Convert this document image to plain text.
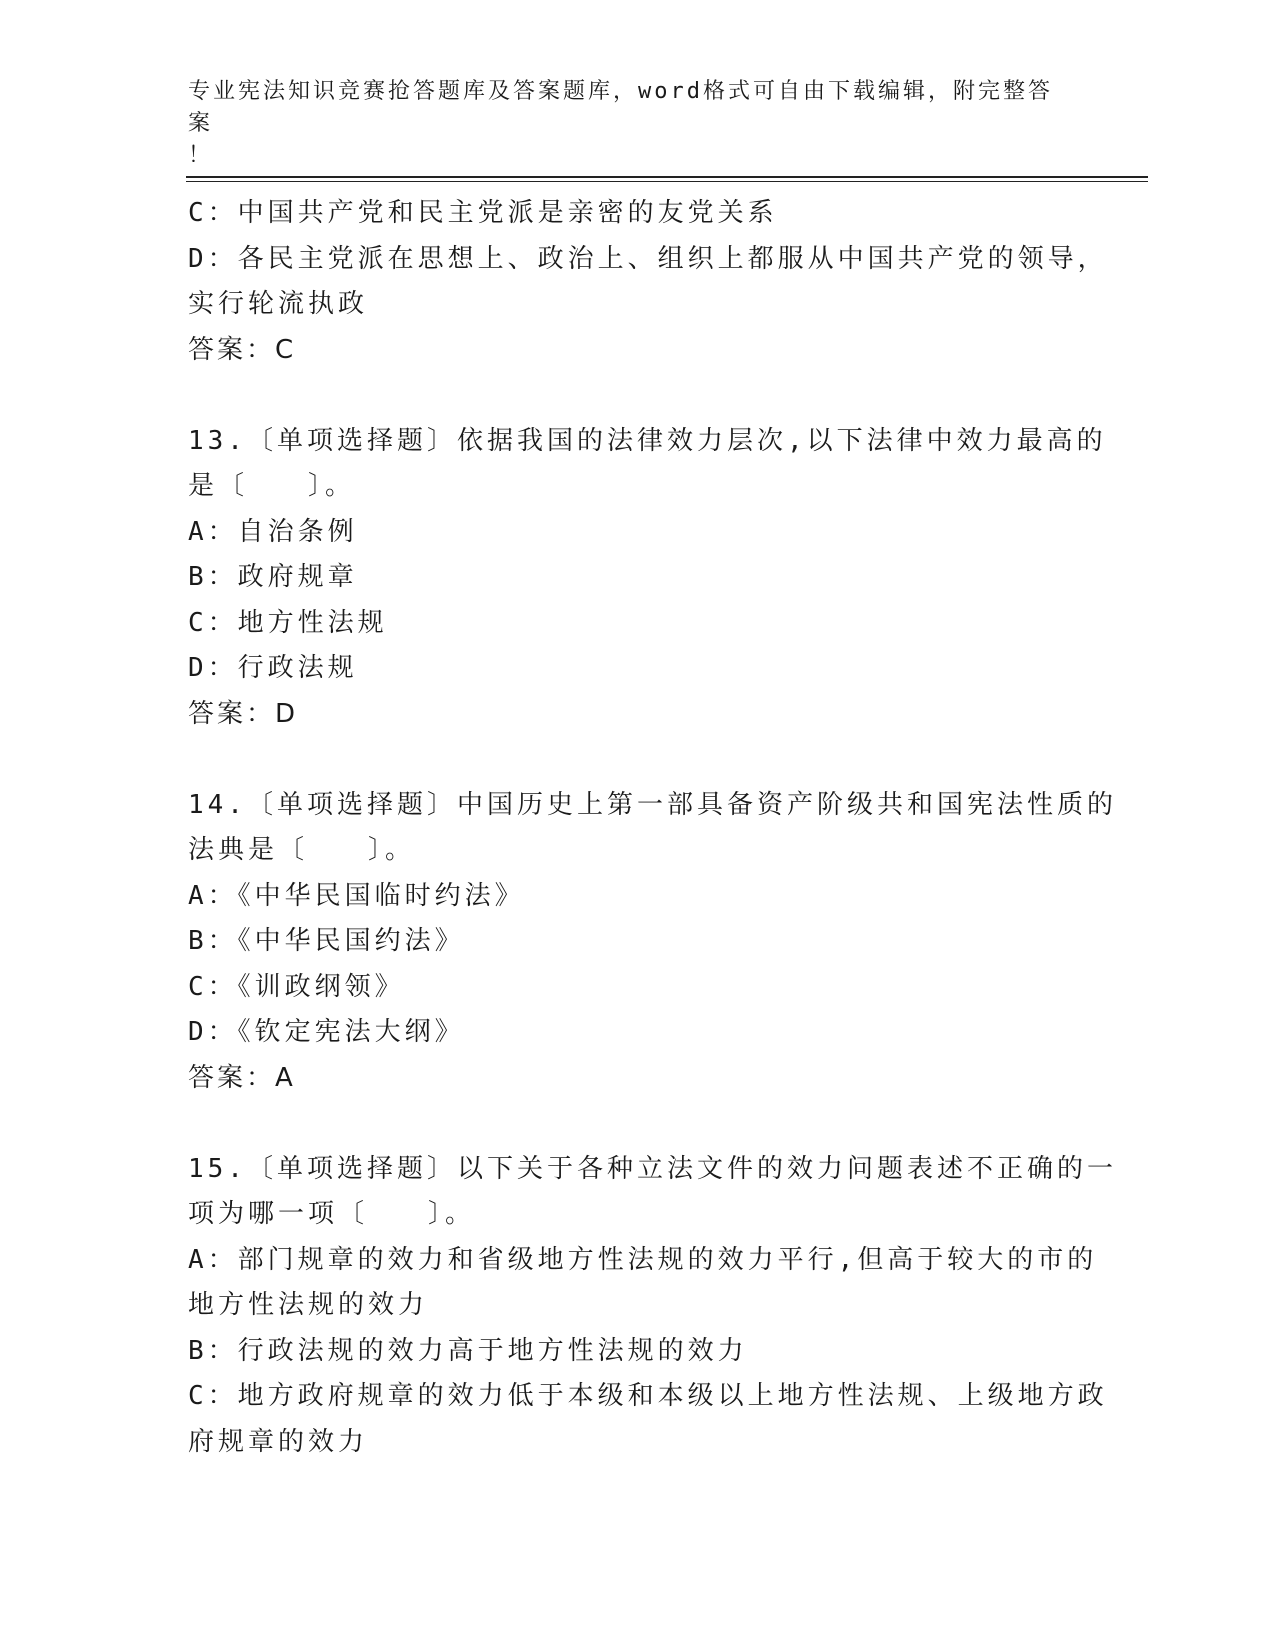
专业宪法知识竞赛抢答题库及答案题库，word格式可自由下载编辑，附完整答案
！
C：中国共产党和民主党派是亲密的友党关系
D：各民主党派在思想上、政治上、组织上都服从中国共产党的领导，
实行轮流执政
答案：C
13.〔单项选择题〕依据我国的法律效力层次,以下法律中效力最高的
是〔　　〕。
A：自治条例
B：政府规章
C：地方性法规
D：行政法规
答案：D
14.〔单项选择题〕中国历史上第一部具备资产阶级共和国宪法性质的
法典是〔　　〕。
A：《中华民国临时约法》
B：《中华民国约法》
C：《训政纲领》
D：《钦定宪法大纲》
答案：A
15.〔单项选择题〕以下关于各种立法文件的效力问题表述不正确的一
项为哪一项〔　　〕。
A：部门规章的效力和省级地方性法规的效力平行,但高于较大的市的
地方性法规的效力
B：行政法规的效力高于地方性法规的效力
C：地方政府规章的效力低于本级和本级以上地方性法规、上级地方政
府规章的效力
